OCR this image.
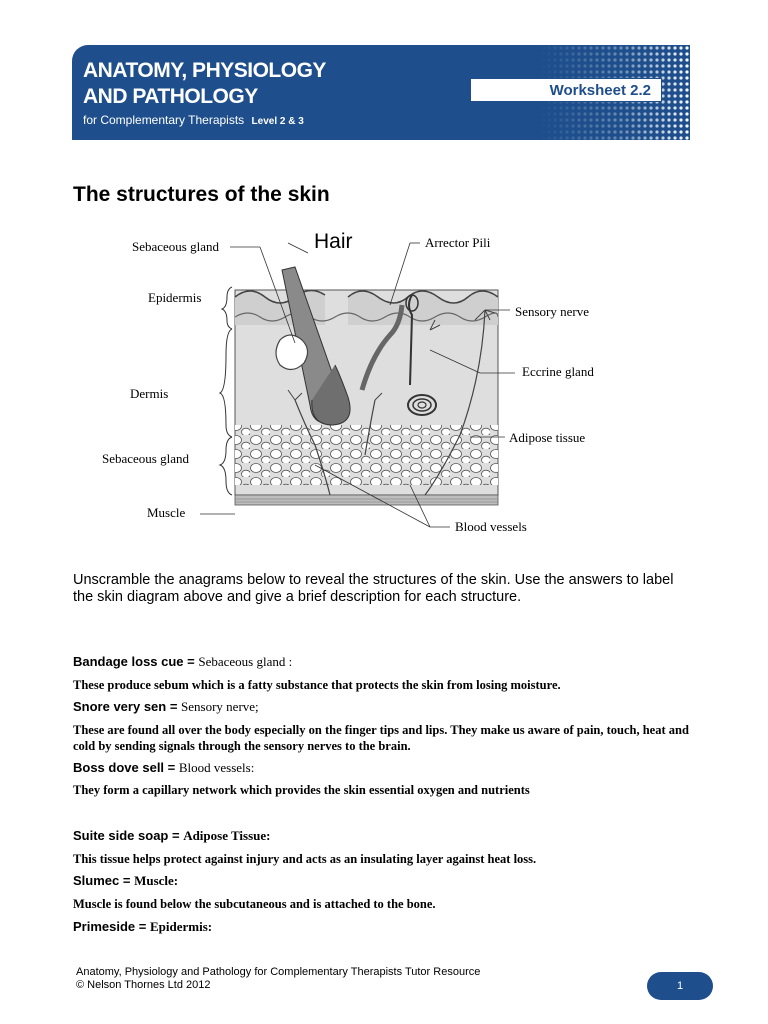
ANATOMY, PHYSIOLOGY
AND PATHOLOGY
for Complementary Therapists Level 2 & 3
Worksheet 2.2
The structures of the skin
Sebaceous gland	Hair	Arrector Pili
Epidermis
Sensory nerve
Eccrine gland
Dermis
Adipose tissue
Sebaceous gland
Muscle
Blood vessels
Unscramble the anagrams below to reveal the structures of the skin. Use the answers to label the skin diagram above and give a brief description for each structure.
Bandage loss cue = Sebaceous gland :
These produce sebum which is a fatty substance that protects the skin from losing moisture.
Snore very sen = Sensory nerve;
These are found all over the body especially on the finger tips and lips. They make us aware of pain, touch, heat and cold by sending signals through the sensory nerves to the brain.
Boss dove sell = Blood vessels:
They form a capillary network which provides the skin essential oxygen and nutrients
Suite side soap = Adipose Tissue:
This tissue helps protect against injury and acts as an insulating layer against heat loss.
Slumec = Muscle:
Muscle is found below the subcutaneous and is attached to the bone.
Primeside = Epidermis:
Anatomy, Physiology and Pathology for Complementary Therapists Tutor Resource
© Nelson Thornes Ltd 2012	1
